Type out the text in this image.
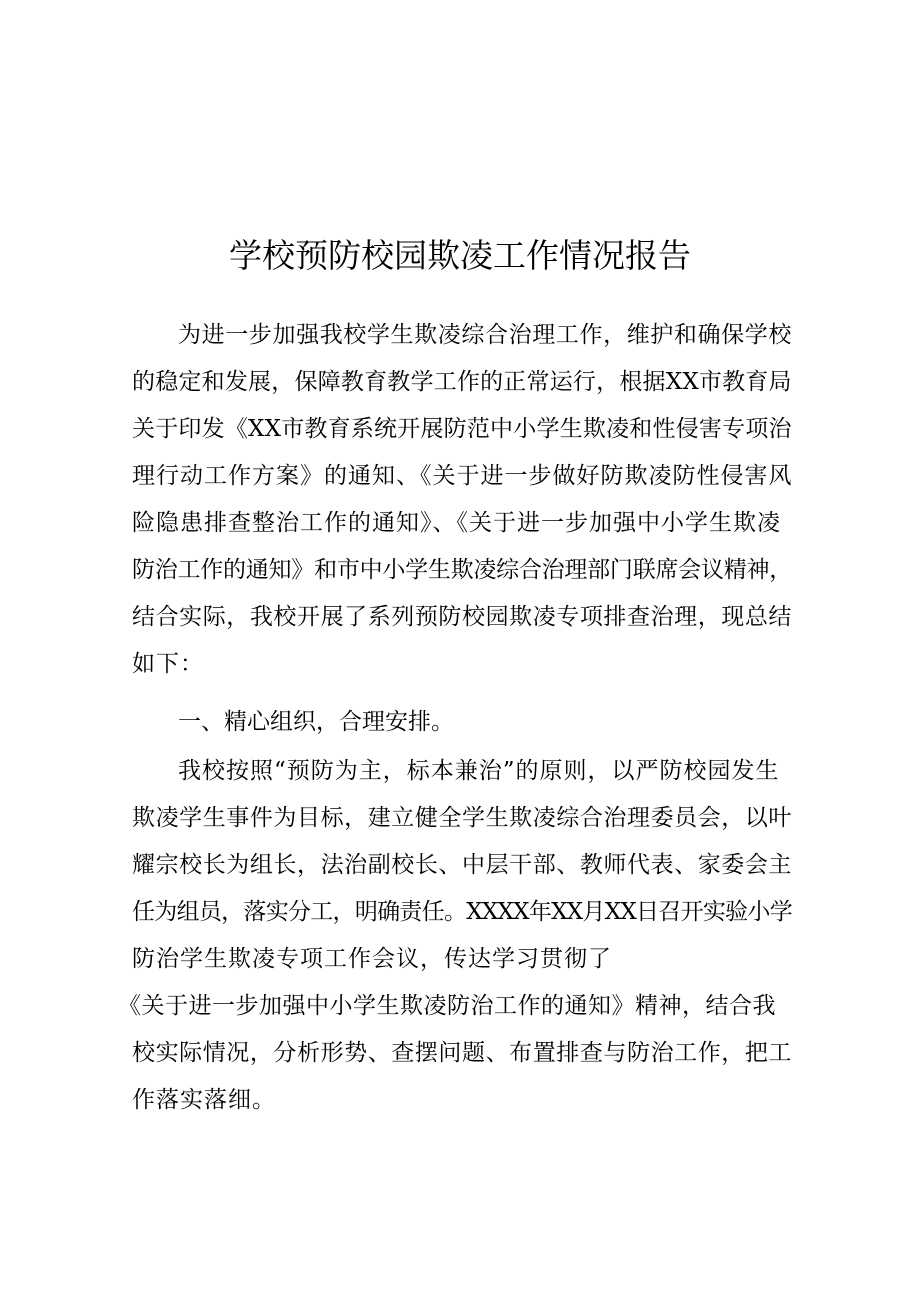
学校预防校园欺凌工作情况报告
为进一步加强我校学生欺凌综合治理工作，维护和确保学校
的稳定和发展，保障教育教学工作的正常运行，根据XX市教育局
关于印发《XX市教育系统开展防范中小学生欺凌和性侵害专项治
理行动工作方案》的通知、《关于进一步做好防欺凌防性侵害风
险隐患排查整治工作的通知》、《关于进一步加强中小学生欺凌
防治工作的通知》和市中小学生欺凌综合治理部门联席会议精神，
结合实际，我校开展了系列预防校园欺凌专项排查治理，现总结
如下：
一、精心组织，合理安排。
我校按照“预防为主，标本兼治”的原则，以严防校园发生
欺凌学生事件为目标，建立健全学生欺凌综合治理委员会，以叶
耀宗校长为组长，法治副校长、中层干部、教师代表、家委会主
任为组员，落实分工，明确责任。XXXX年XX月XX日召开实验小学
防治学生欺凌专项工作会议，传达学习贯彻了
《关于进一步加强中小学生欺凌防治工作的通知》精神，结合我
校实际情况，分析形势、查摆问题、布置排查与防治工作，把工
作落实落细。
